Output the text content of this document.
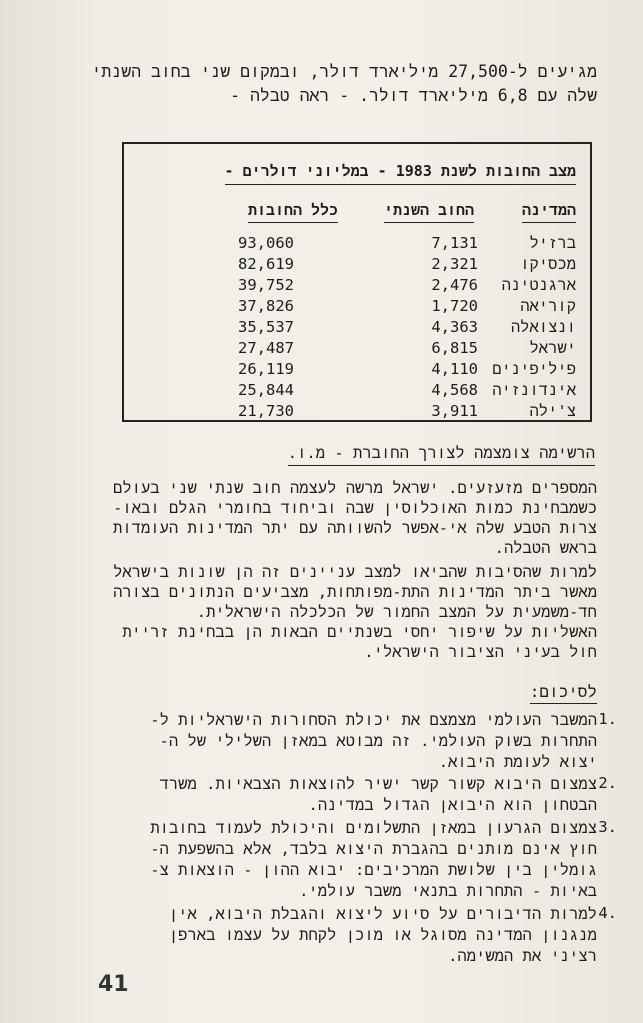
מגיעים ל-27,500 מיליארד דולר, ובמקום שני בחוב השנתי
שלה עם 6,8 מיליארד דולר. - ראה טבלה -
מצב החובות לשנת 1983 - במליוני דולרים -
המדינה
החוב השנתי
כלל החובות
ברזיל
7,131
93,060
מכסיקו
2,321
82,619
ארגנטינה
2,476
39,752
קוריאה
1,720
37,826
ונצואלה
4,363
35,537
ישראל
6,815
27,487
פיליפינים
4,110
26,119
אינדונזיה
4,568
25,844
צ'ילה
3,911
21,730
הרשימה צומצמה לצורך החוברת - מ.ו.
המספרים מזעזעים. ישראל מרשה לעצמה חוב שנתי שני בעולם
כשמבחינת כמות האוכלוסין שבה וביחוד בחומרי הגלם ובאו-
צרות הטבע שלה אי-אפשר להשוותה עם יתר המדינות העומדות
בראש הטבלה.
למרות שהסיבות שהביאו למצב עניינים זה הן שונות בישראל
מאשר ביתר המדינות התת-מפותחות, מצביעים הנתונים בצורה
חד-משמעית על המצב החמור של הכלכלה הישראלית.
האשליות על שיפור יחסי בשנתיים הבאות הן בבחינת זריית
חול בעיני הציבור הישראלי.
לסיכום:
1.
המשבר העולמי מצמצם את יכולת הסחורות הישראליות ל-
התחרות בשוק העולמי. זה מבוטא במאזן השלילי של ה-
יצוא לעומת היבוא.
2.
צמצום היבוא קשור קשר ישיר להוצאות הצבאיות. משרד
הבטחון הוא היבואן הגדול במדינה.
3.
צמצום הגרעון במאזן התשלומים והיכולת לעמוד בחובות
חוץ אינם מותנים בהגברת היצוא בלבד, אלא בהשפעת ה-
גומלין בין שלושת המרכיבים: יבוא ההון - הוצאות צ-
באיות - התחרות בתנאי משבר עולמי.
4.
למרות הדיבורים על סיוע ליצוא והגבלת היבוא, אין
מנגנון המדינה מסוגל או מוכן לקחת על עצמו בארפן
רציני את המשימה.
41
